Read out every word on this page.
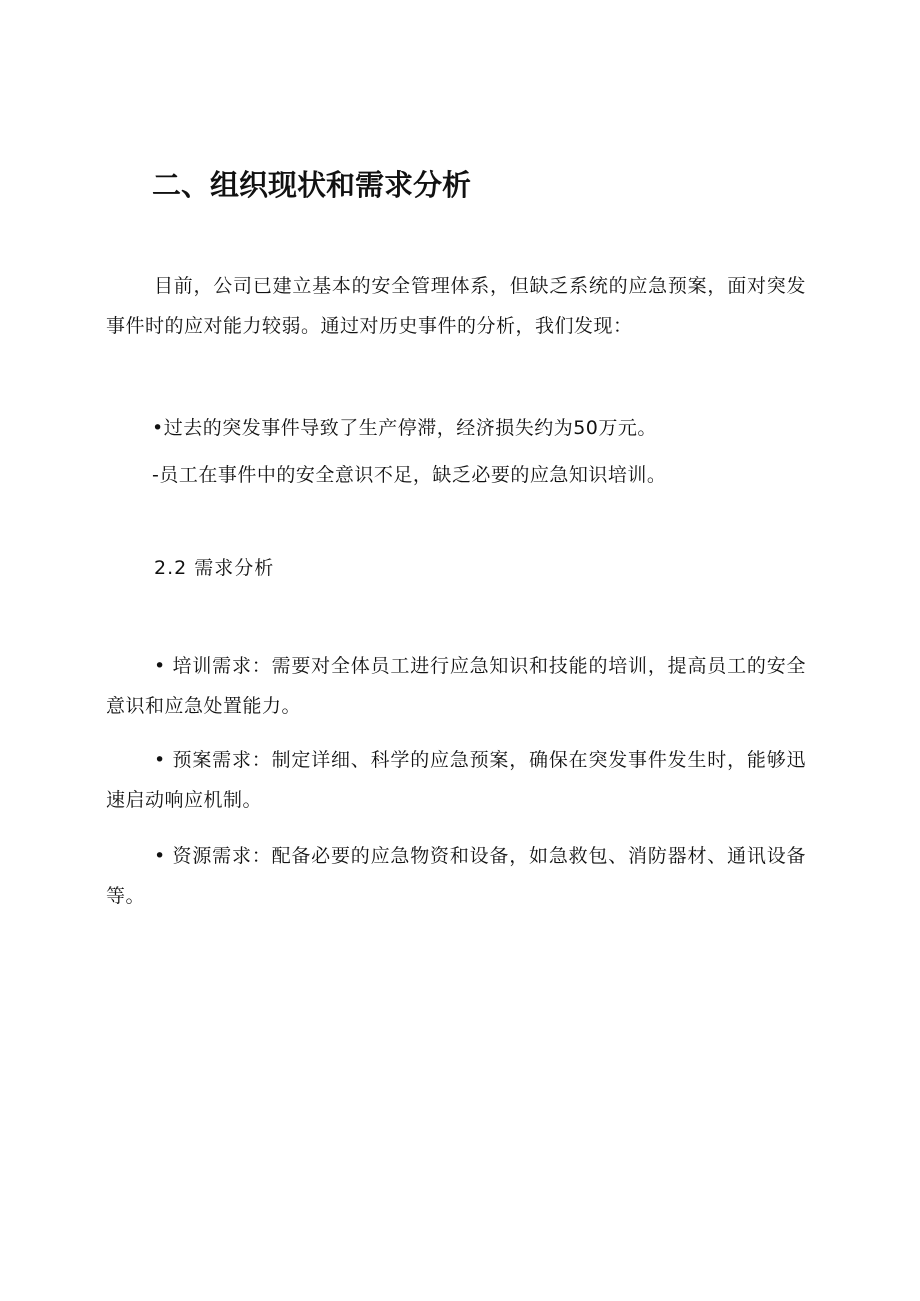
二、组织现状和需求分析
目前，公司已建立基本的安全管理体系，但缺乏系统的应急预案，面对突发事件时的应对能力较弱。通过对历史事件的分析，我们发现：
•过去的突发事件导致了生产停滞，经济损失约为50万元。
-员工在事件中的安全意识不足，缺乏必要的应急知识培训。
2.2 需求分析
• 培训需求：需要对全体员工进行应急知识和技能的培训，提高员工的安全意识和应急处置能力。
• 预案需求：制定详细、科学的应急预案，确保在突发事件发生时，能够迅速启动响应机制。
• 资源需求：配备必要的应急物资和设备，如急救包、消防器材、通讯设备等。
